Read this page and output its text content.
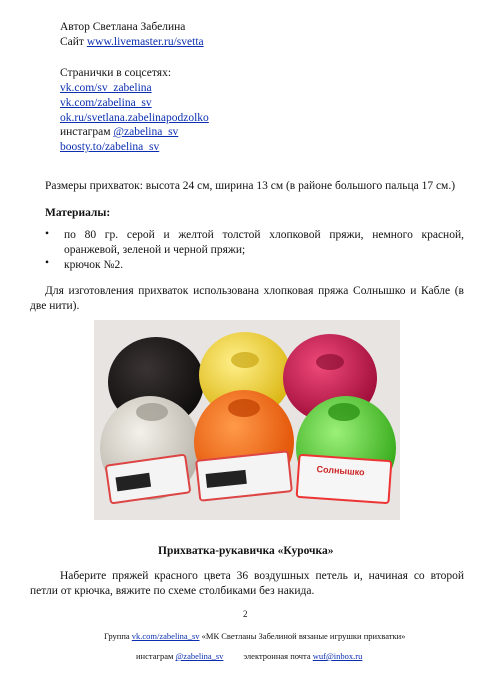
Автор Светлана Забелина
Сайт www.livemaster.ru/svetta
Странички в соцсетях:
vk.com/sv_zabelina
vk.com/zabelina_sv
ok.ru/svetlana.zabelinapodzolko
инстаграм @zabelina_sv
boosty.to/zabelina_sv
Размеры прихваток: высота 24 см, ширина 13 см (в районе большого пальца 17 см.)
Материалы:
• по 80 гр. серой и желтой толстой хлопковой пряжи, немного красной, оранжевой, зеленой и черной пряжи;
• крючок №2.
Для изготовления прихваток использована хлопковая пряжа Солнышко и Кабле (в две нити).
Солнышко
Прихватка-рукавичка «Курочка»
Наберите пряжей красного цвета 36 воздушных петель и, начиная со второй петли от крючка, вяжите по схеме столбиками без накида.
2
Группа vk.com/zabelina_sv «МК Светланы Забелиной вязаные игрушки прихватки»
инстаграм @zabelina_sv электронная почта wuf@inbox.ru
